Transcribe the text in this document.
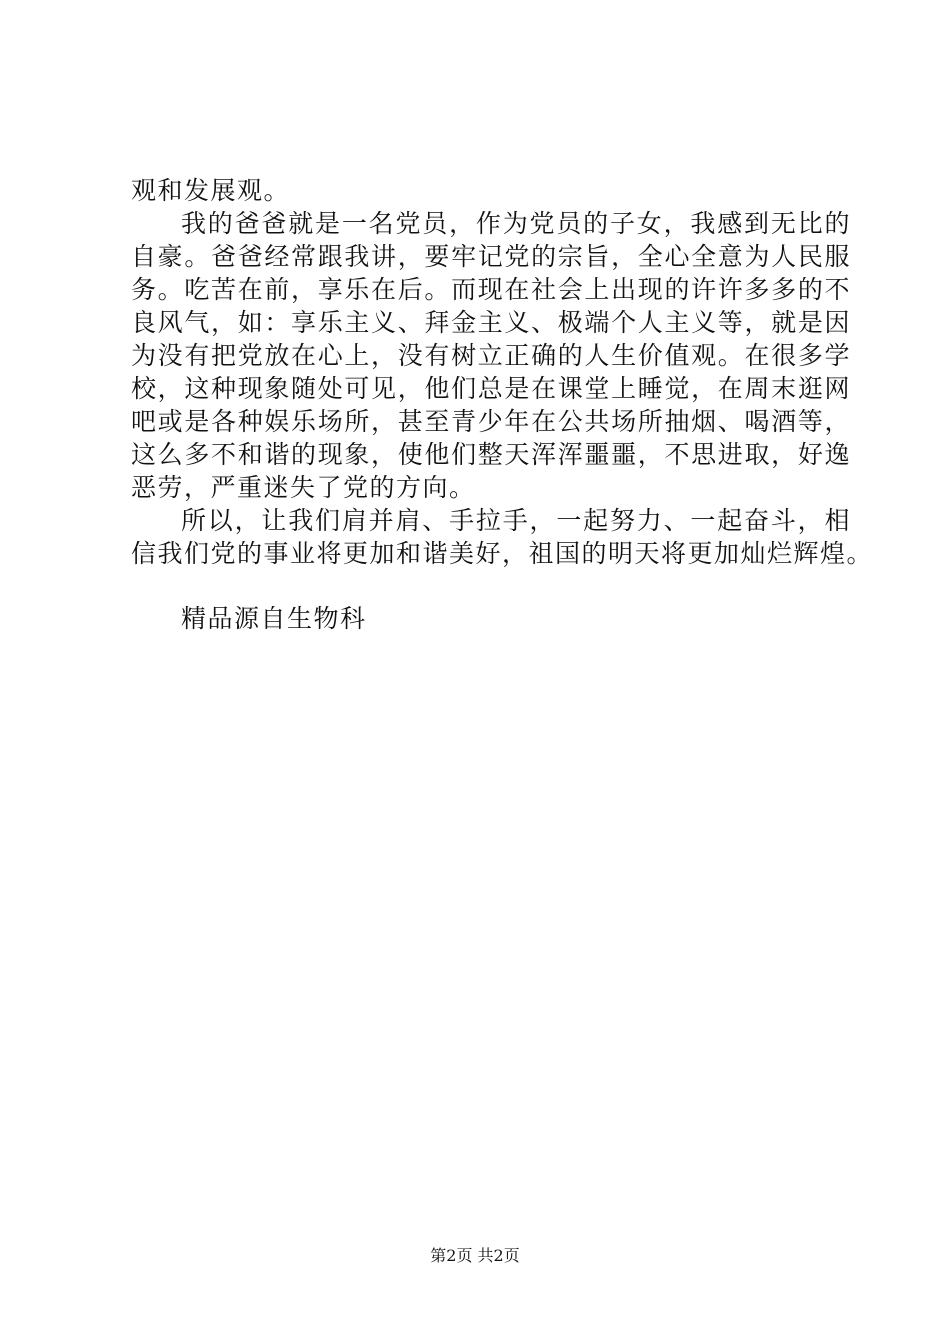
观和发展观。
我的爸爸就是一名党员，作为党员的子女，我感到无比的
自豪。爸爸经常跟我讲，要牢记党的宗旨，全心全意为人民服
务。吃苦在前，享乐在后。而现在社会上出现的许许多多的不
良风气，如：享乐主义、拜金主义、极端个人主义等，就是因
为没有把党放在心上，没有树立正确的人生价值观。在很多学
校，这种现象随处可见，他们总是在课堂上睡觉，在周末逛网
吧或是各种娱乐场所，甚至青少年在公共场所抽烟、喝酒等，
这么多不和谐的现象，使他们整天浑浑噩噩，不思进取，好逸
恶劳，严重迷失了党的方向。
所以，让我们肩并肩、手拉手，一起努力、一起奋斗，相
信我们党的事业将更加和谐美好，祖国的明天将更加灿烂辉煌。
精品源自生物科
第2页 共2页
